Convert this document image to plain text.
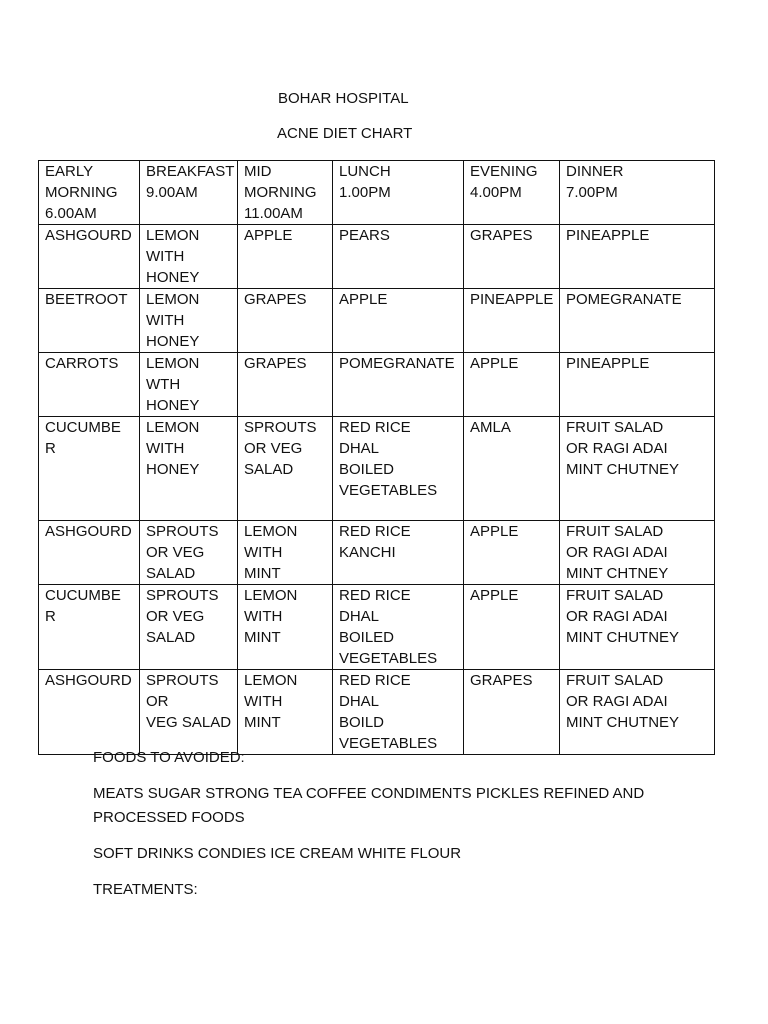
BOHAR HOSPITAL
ACNE DIET CHART
EARLY
MORNING
6.00AM	BREAKFAST
9.00AM	MID
MORNING
11.00AM	LUNCH
1.00PM	EVENING
4.00PM	DINNER
7.00PM
ASHGOURD	LEMON
WITH
HONEY	APPLE	PEARS	GRAPES	PINEAPPLE
BEETROOT	LEMON
WITH
HONEY	GRAPES	APPLE	PINEAPPLE	POMEGRANATE
CARROTS	LEMON
WTH
HONEY	GRAPES	POMEGRANATE	APPLE	PINEAPPLE
CUCUMBE
R	LEMON
WITH
HONEY	SPROUTS
OR VEG
SALAD	RED RICE
DHAL
BOILED
VEGETABLES	AMLA	FRUIT SALAD
OR RAGI ADAI
MINT CHUTNEY
ASHGOURD	SPROUTS
OR VEG
SALAD	LEMON
WITH
MINT	RED RICE
KANCHI	APPLE	FRUIT SALAD
OR RAGI ADAI
MINT CHTNEY
CUCUMBE
R	SPROUTS
OR VEG
SALAD	LEMON
WITH
MINT	RED RICE
DHAL
BOILED
VEGETABLES	APPLE	FRUIT SALAD
OR RAGI ADAI
MINT CHUTNEY
ASHGOURD	SPROUTS
OR
VEG SALAD	LEMON
WITH
MINT	RED RICE
DHAL
BOILD
VEGETABLES	GRAPES	FRUIT SALAD
OR RAGI ADAI
MINT CHUTNEY
FOODS TO AVOIDED:
MEATS SUGAR STRONG TEA COFFEE CONDIMENTS PICKLES REFINED AND
PROCESSED FOODS
SOFT DRINKS CONDIES ICE CREAM WHITE FLOUR
TREATMENTS:
